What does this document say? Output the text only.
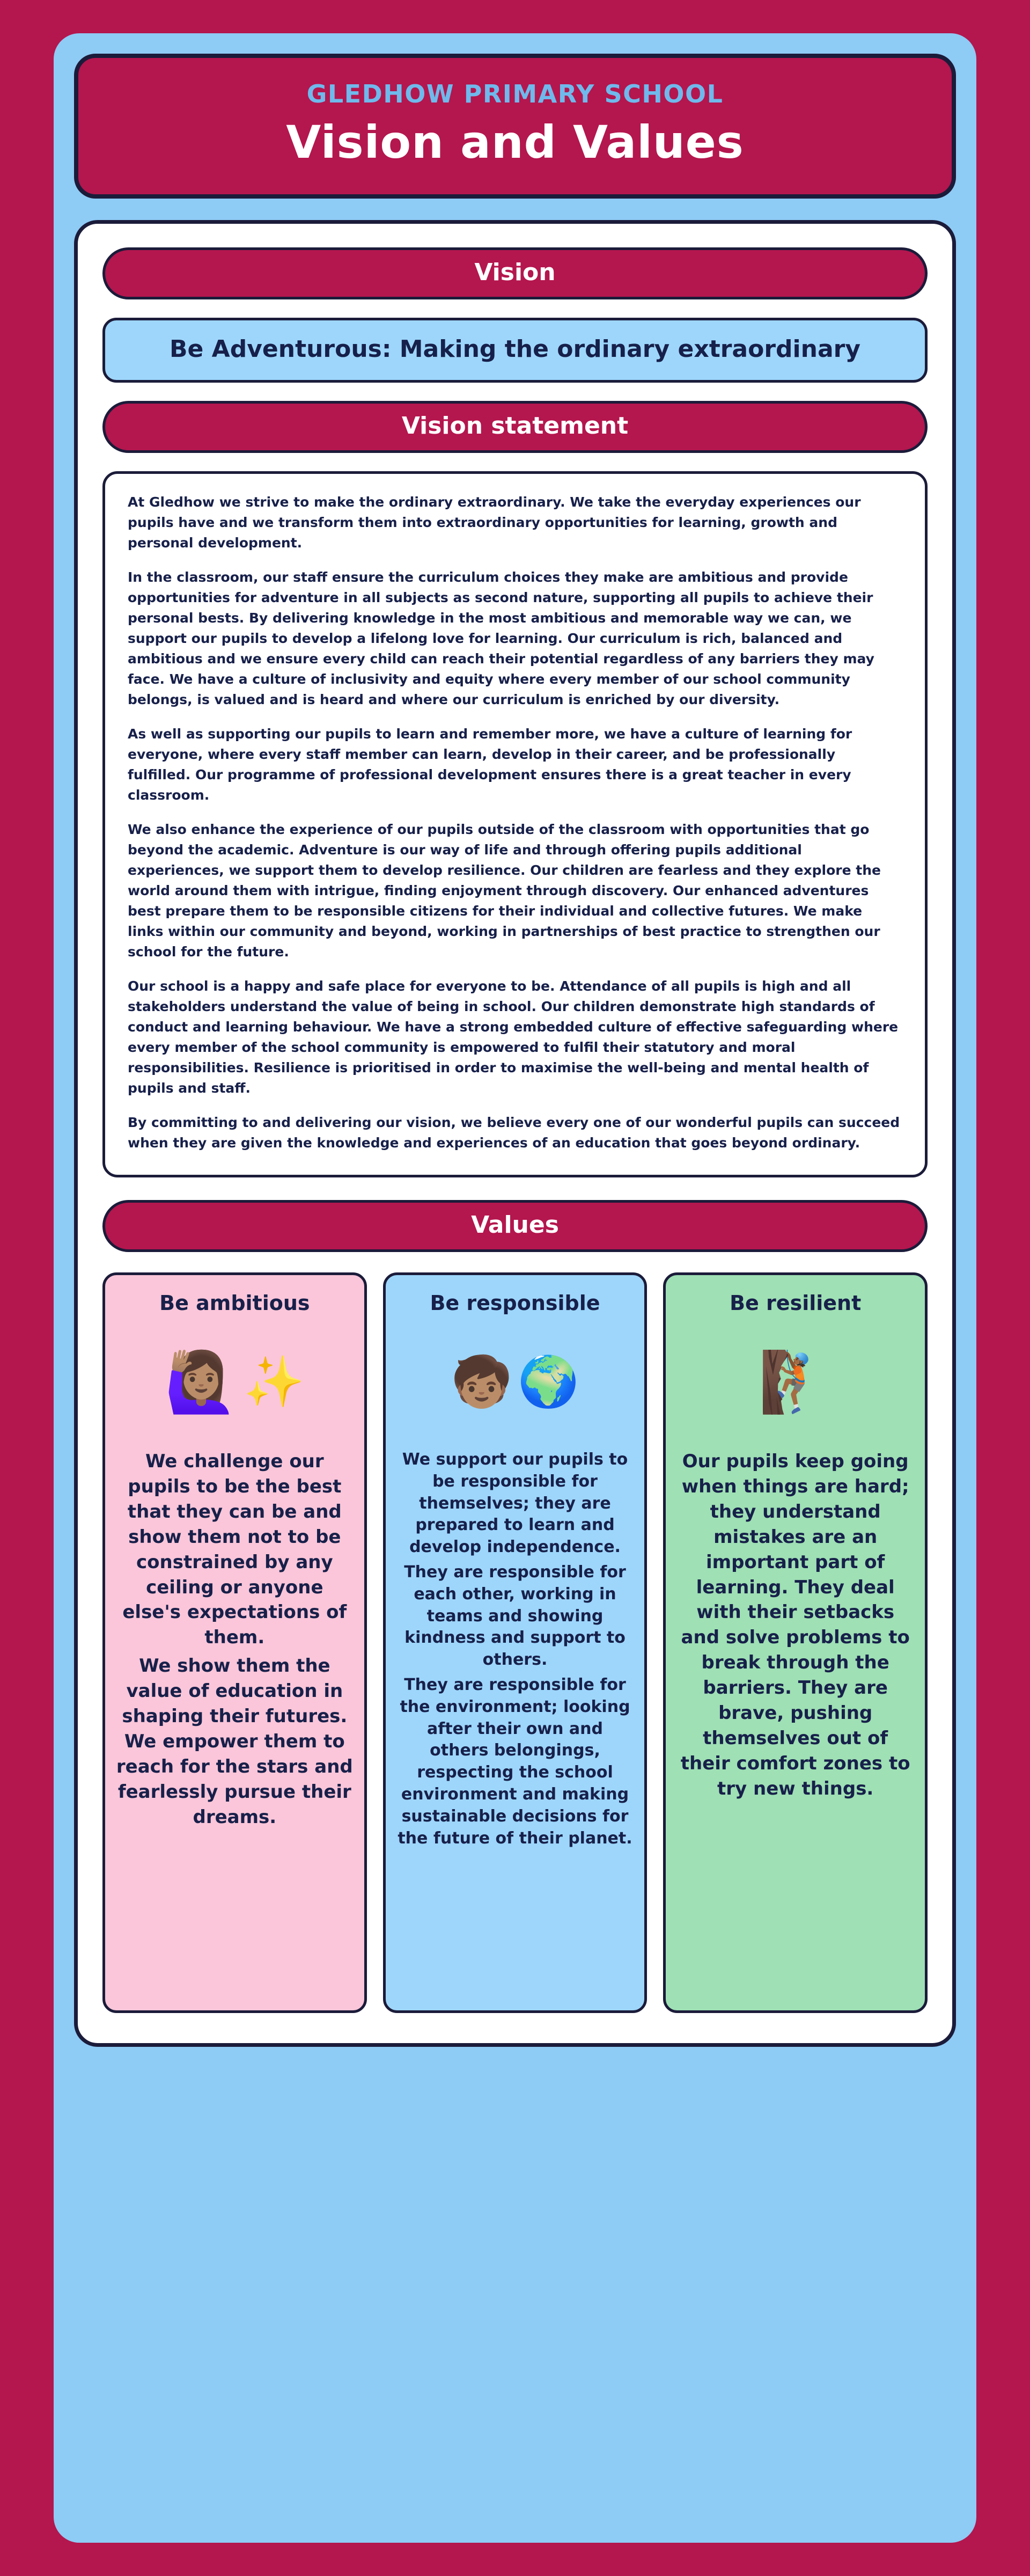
GLEDHOW PRIMARY SCHOOL
Vision and Values
Vision
Be Adventurous: Making the ordinary extraordinary
Vision statement

At Gledhow we strive to make the ordinary extraordinary. We take the everyday experiences our pupils have and we transform them into extraordinary opportunities for learning, growth and personal development.

In the classroom, our staff ensure the curriculum choices they make are ambitious and provide opportunities for adventure in all subjects as second nature, supporting all pupils to achieve their personal bests. By delivering knowledge in the most ambitious and memorable way we can, we support our pupils to develop a lifelong love for learning. Our curriculum is rich, balanced and ambitious and we ensure every child can reach their potential regardless of any barriers they may face. We have a culture of inclusivity and equity where every member of our school community belongs, is valued and is heard and where our curriculum is enriched by our diversity.

As well as supporting our pupils to learn and remember more, we have a culture of learning for everyone, where every staff member can learn, develop in their career, and be professionally fulfilled. Our programme of professional development ensures there is a great teacher in every classroom.

We also enhance the experience of our pupils outside of the classroom with opportunities that go beyond the academic. Adventure is our way of life and through offering pupils additional experiences, we support them to develop resilience. Our children are fearless and they explore the world around them with intrigue, finding enjoyment through discovery. Our enhanced adventures best prepare them to be responsible citizens for their individual and collective futures. We make links within our community and beyond, working in partnerships of best practice to strengthen our school for the future.

Our school is a happy and safe place for everyone to be. Attendance of all pupils is high and all stakeholders understand the value of being in school. Our children demonstrate high standards of conduct and learning behaviour. We have a strong embedded culture of effective safeguarding where every member of the school community is empowered to fulfil their statutory and moral responsibilities. Resilience is prioritised in order to maximise the well-being and mental health of pupils and staff.

By committing to and delivering our vision, we believe every one of our wonderful pupils can succeed when they are given the knowledge and experiences of an education that goes beyond ordinary.

Values
Be ambitious
🙋🏽‍♀️ ✨

We challenge our pupils to be the best that they can be and show them not to be constrained by any ceiling or anyone else's expectations of them.

We show them the value of education in shaping their futures. We empower them to reach for the stars and fearlessly pursue their dreams.

Be responsible
🧒🏽 🌍

We support our pupils to be responsible for themselves; they are prepared to learn and develop independence.

They are responsible for each other, working in teams and showing kindness and support to others.

They are responsible for the environment; looking after their own and others belongings, respecting the school environment and making sustainable decisions for the future of their planet.

Be resilient
🧗🏾

Our pupils keep going when things are hard; they understand mistakes are an important part of learning. They deal with their setbacks and solve problems to break through the barriers. They are brave, pushing themselves out of their comfort zones to try new things.
